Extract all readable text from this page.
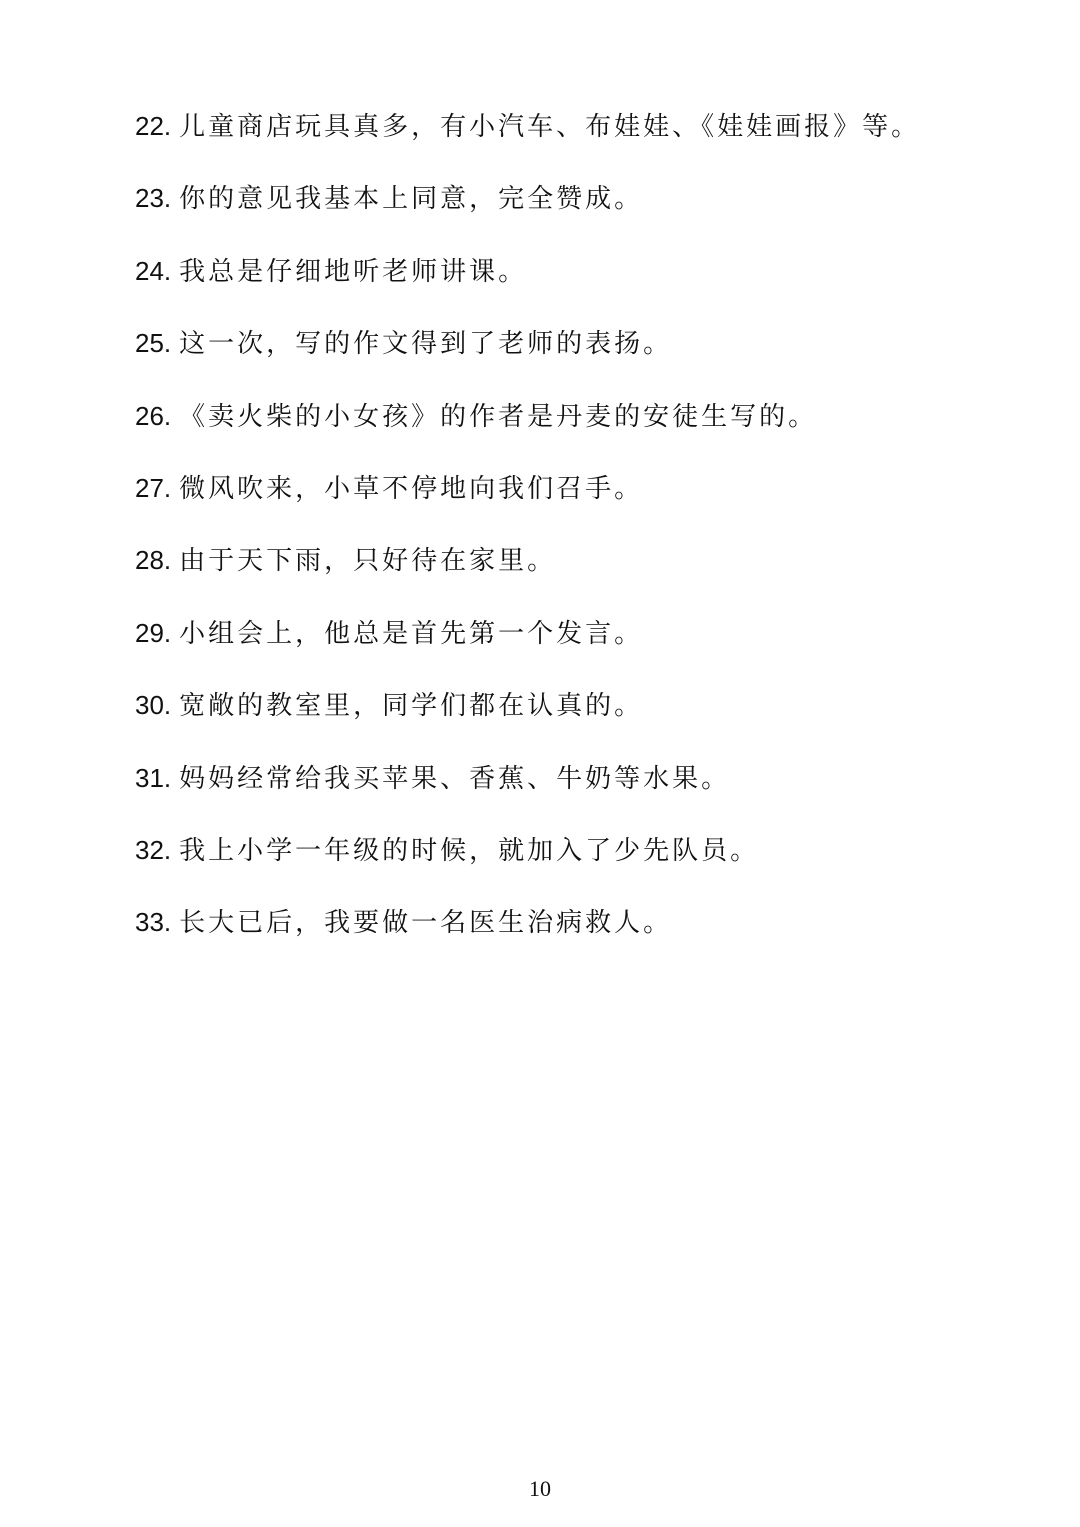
22. 儿童商店玩具真多，有小汽车、布娃娃、《娃娃画报》等。
23. 你的意见我基本上同意，完全赞成。
24. 我总是仔细地听老师讲课。
25. 这一次，写的作文得到了老师的表扬。
26. 《卖火柴的小女孩》的作者是丹麦的安徒生写的。
27. 微风吹来，小草不停地向我们召手。
28. 由于天下雨，只好待在家里。
29. 小组会上，他总是首先第一个发言。
30. 宽敞的教室里，同学们都在认真的。
31. 妈妈经常给我买苹果、香蕉、牛奶等水果。
32. 我上小学一年级的时候，就加入了少先队员。
33. 长大已后，我要做一名医生治病救人。
10
